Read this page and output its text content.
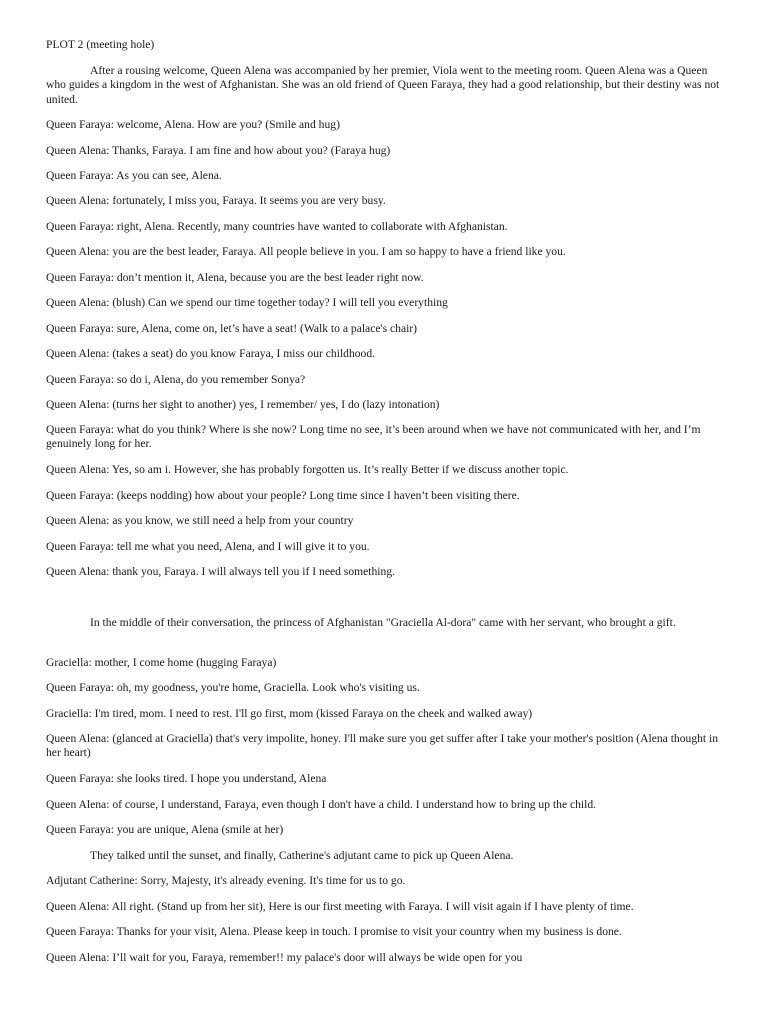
PLOT 2 (meeting hole)

After a rousing welcome, Queen Alena was accompanied by her premier, Viola went to the meeting room. Queen Alena was a Queen who guides a kingdom in the west of Afghanistan. She was an old friend of Queen Faraya, they had a good relationship, but their destiny was not united.

Queen Faraya: welcome, Alena. How are you? (Smile and hug)

Queen Alena: Thanks, Faraya. I am fine and how about you? (Faraya hug)

Queen Faraya: As you can see, Alena.

Queen Alena: fortunately, I miss you, Faraya. It seems you are very busy.

Queen Faraya: right, Alena. Recently, many countries have wanted to collaborate with Afghanistan.

Queen Alena: you are the best leader, Faraya. All people believe in you. I am so happy to have a friend like you.

Queen Faraya: don’t mention it, Alena, because you are the best leader right now.

Queen Alena: (blush) Can we spend our time together today? I will tell you everything

Queen Faraya: sure, Alena, come on, let’s have a seat! (Walk to a palace's chair)

Queen Alena: (takes a seat) do you know Faraya, I miss our childhood.

Queen Faraya: so do i, Alena, do you remember Sonya?

Queen Alena: (turns her sight to another) yes, I remember/ yes, I do (lazy intonation)

Queen Faraya: what do you think? Where is she now? Long time no see, it’s been around when we have not communicated with her, and I’m genuinely long for her.

Queen Alena: Yes, so am i. However, she has probably forgotten us. It’s really Better if we discuss another topic.

Queen Faraya: (keeps nodding) how about your people? Long time since I haven’t been visiting there.

Queen Alena: as you know, we still need a help from your country

Queen Faraya: tell me what you need, Alena, and I will give it to you.

Queen Alena: thank you, Faraya. I will always tell you if I need something.

In the middle of their conversation, the princess of Afghanistan "Graciella Al-dora" came with her servant, who brought a gift.

Graciella: mother, I come home (hugging Faraya)

Queen Faraya: oh, my goodness, you're home, Graciella. Look who's visiting us.

Graciella: I'm tired, mom. I need to rest. I'll go first, mom (kissed Faraya on the cheek and walked away)

Queen Alena: (glanced at Graciella) that's very impolite, honey. I'll make sure you get suffer after I take your mother's position (Alena thought in her heart)

Queen Faraya: she looks tired. I hope you understand, Alena

Queen Alena: of course, I understand, Faraya, even though I don't have a child. I understand how to bring up the child.

Queen Faraya: you are unique, Alena (smile at her)

They talked until the sunset, and finally, Catherine's adjutant came to pick up Queen Alena.

Adjutant Catherine: Sorry, Majesty, it's already evening. It's time for us to go.

Queen Alena: All right. (Stand up from her sit), Here is our first meeting with Faraya. I will visit again if I have plenty of time.

Queen Faraya: Thanks for your visit, Alena. Please keep in touch. I promise to visit your country when my business is done.

Queen Alena: I’ll wait for you, Faraya, remember!! my palace's door will always be wide open for you
